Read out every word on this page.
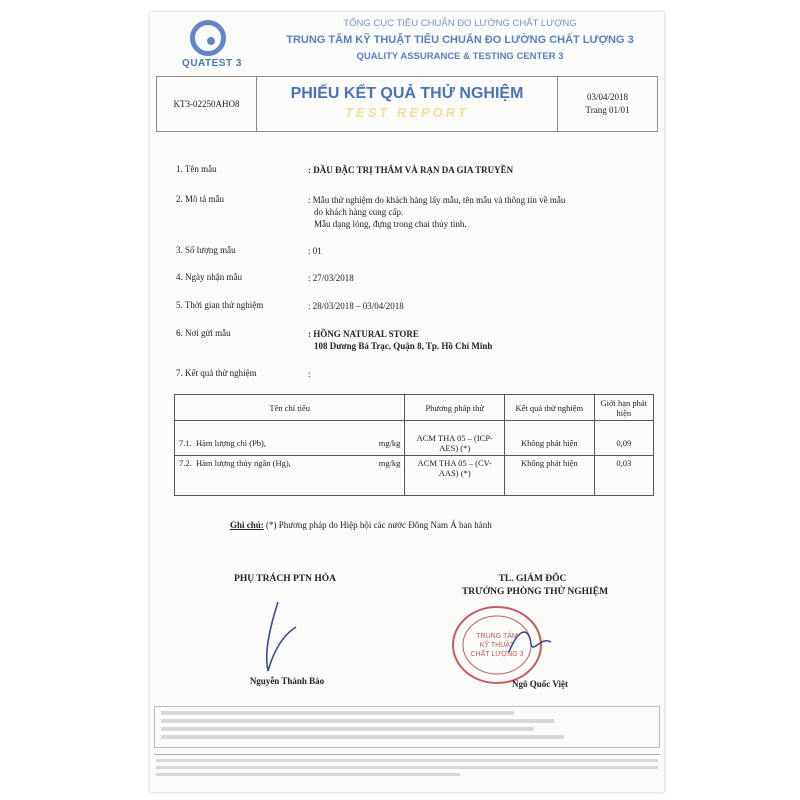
QUATEST 3
TỔNG CỤC TIÊU CHUẨN ĐO LƯỜNG CHẤT LƯỢNG
TRUNG TÂM KỸ THUẬT TIÊU CHUẨN ĐO LƯỜNG CHẤT LƯỢNG 3
QUALITY ASSURANCE & TESTING CENTER 3
KT3-02250AHO8
PHIẾU KẾT QUẢ THỬ NGHIỆM
TEST REPORT
03/04/2018
Trang 01/01
1. Tên mẫu	: DẦU ĐẶC TRỊ THÂM VÀ RẠN DA GIA TRUYỀN
2. Mô tả mẫu	: Mẫu thử nghiệm do khách hàng lấy mẫu, tên mẫu và thông tin về mẫu
do khách hàng cung cấp.
Mẫu dạng lỏng, đựng trong chai thủy tinh.
3. Số lượng mẫu	: 01
4. Ngày nhận mẫu	: 27/03/2018
5. Thời gian thử nghiệm	: 28/03/2018 – 03/04/2018
6. Nơi gửi mẫu	: HỒNG NATURAL STORE
108 Dương Bá Trạc, Quận 8, Tp. Hồ Chí Minh
7. Kết quả thử nghiệm	:
Tên chỉ tiêu	Phương pháp thử	Kết quả thử nghiệm	Giới hạn phát hiện
7.1. Hàm lượng chì (Pb), mg/kg	ACM THA 05 – (ICP-AES) (*)	Không phát hiện	0,09
7.2. Hàm lượng thủy ngân (Hg), mg/kg	ACM THA 05 – (CV-AAS) (*)	Không phát hiện	0,03
Ghi chú: (*) Phương pháp do Hiệp hội các nước Đông Nam Á ban hành
PHỤ TRÁCH PTN HÓA	TL. GIÁM ĐỐC
TRƯỞNG PHÒNG THỬ NGHIỆM
TRUNG TÂM
KỸ THUẬT
CHẤT LƯỢNG 3
Nguyễn Thành Bảo	Ngô Quốc Việt
